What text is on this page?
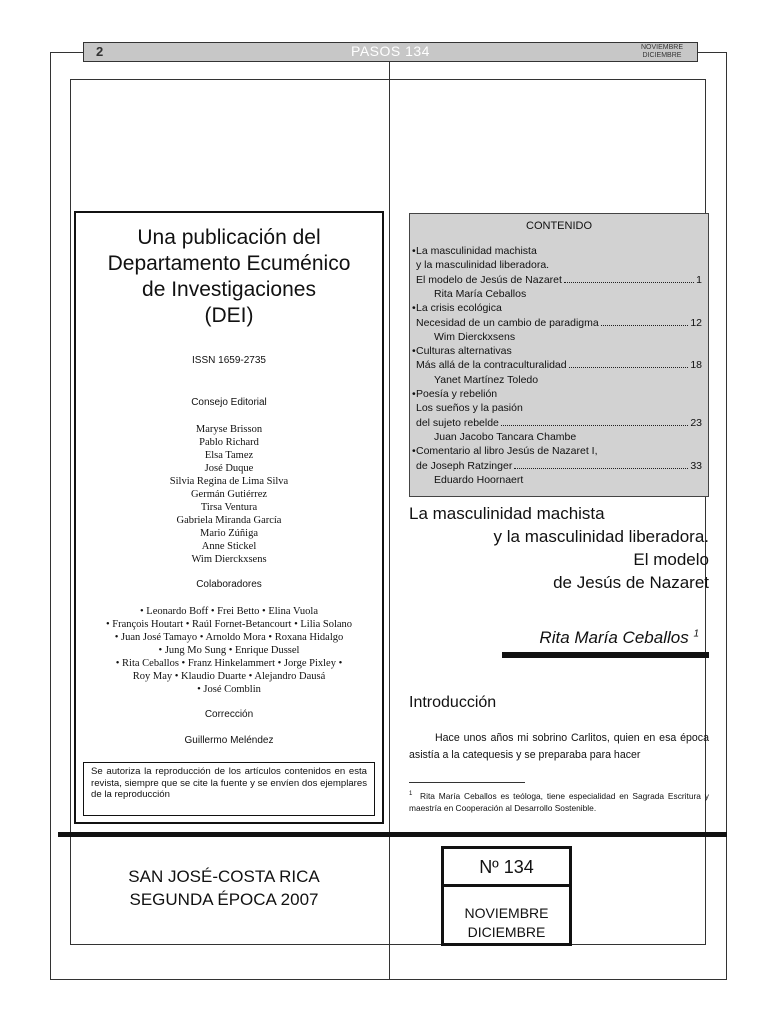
2	PASOS 134	NOVIEMBRE
DICIEMBRE
Una publicación del
Departamento Ecuménico
de Investigaciones
(DEI)
ISSN 1659-2735
Consejo Editorial
Maryse Brisson
Pablo Richard
Elsa Tamez
José Duque
Silvia Regina de Lima Silva
Germán Gutiérrez
Tirsa Ventura
Gabriela Miranda García
Mario Zúñiga
Anne Stickel
Wim Dierckxsens
Colaboradores
• Leonardo Boff • Frei Betto • Elina Vuola
• François Houtart • Raúl Fornet-Betancourt • Lilia Solano
• Juan José Tamayo • Arnoldo Mora • Roxana Hidalgo
• Jung Mo Sung • Enrique Dussel
• Rita Ceballos • Franz Hinkelammert • Jorge Pixley •
Roy May • Klaudio Duarte • Alejandro Dausá
• José Comblin
Corrección
Guillermo Meléndez
Se autoriza la reproducción de los artículos contenidos en esta revista, siempre que se cite la fuente y se envíen dos ejemplares de la reproducción
CONTENIDO
• La masculinidad machista
y la masculinidad liberadora.
El modelo de Jesús de Nazaret	1
Rita María Ceballos
• La crisis ecológica
Necesidad de un cambio de paradigma	12
Wim Dierckxsens
• Culturas alternativas
Más allá de la contraculturalidad	18
Yanet Martínez Toledo
• Poesía y rebelión
Los sueños y la pasión
del sujeto rebelde	23
Juan Jacobo Tancara Chambe
• Comentario al libro Jesús de Nazaret I,
de Joseph Ratzinger	33
Eduardo Hoornaert
La masculinidad machista
y la masculinidad liberadora.
El modelo
de Jesús de Nazaret
Rita María Ceballos $^1$
Introducción
Hace unos años mi sobrino Carlitos, quien en esa época asistía a la catequesis y se preparaba para hacer
$^1$ Rita María Ceballos es teóloga, tiene especialidad en Sagrada Escritura y maestría en Cooperación al Desarrollo Sostenible.
SAN JOSÉ-COSTA RICA
SEGUNDA ÉPOCA 2007
Nº 134
NOVIEMBRE
DICIEMBRE
